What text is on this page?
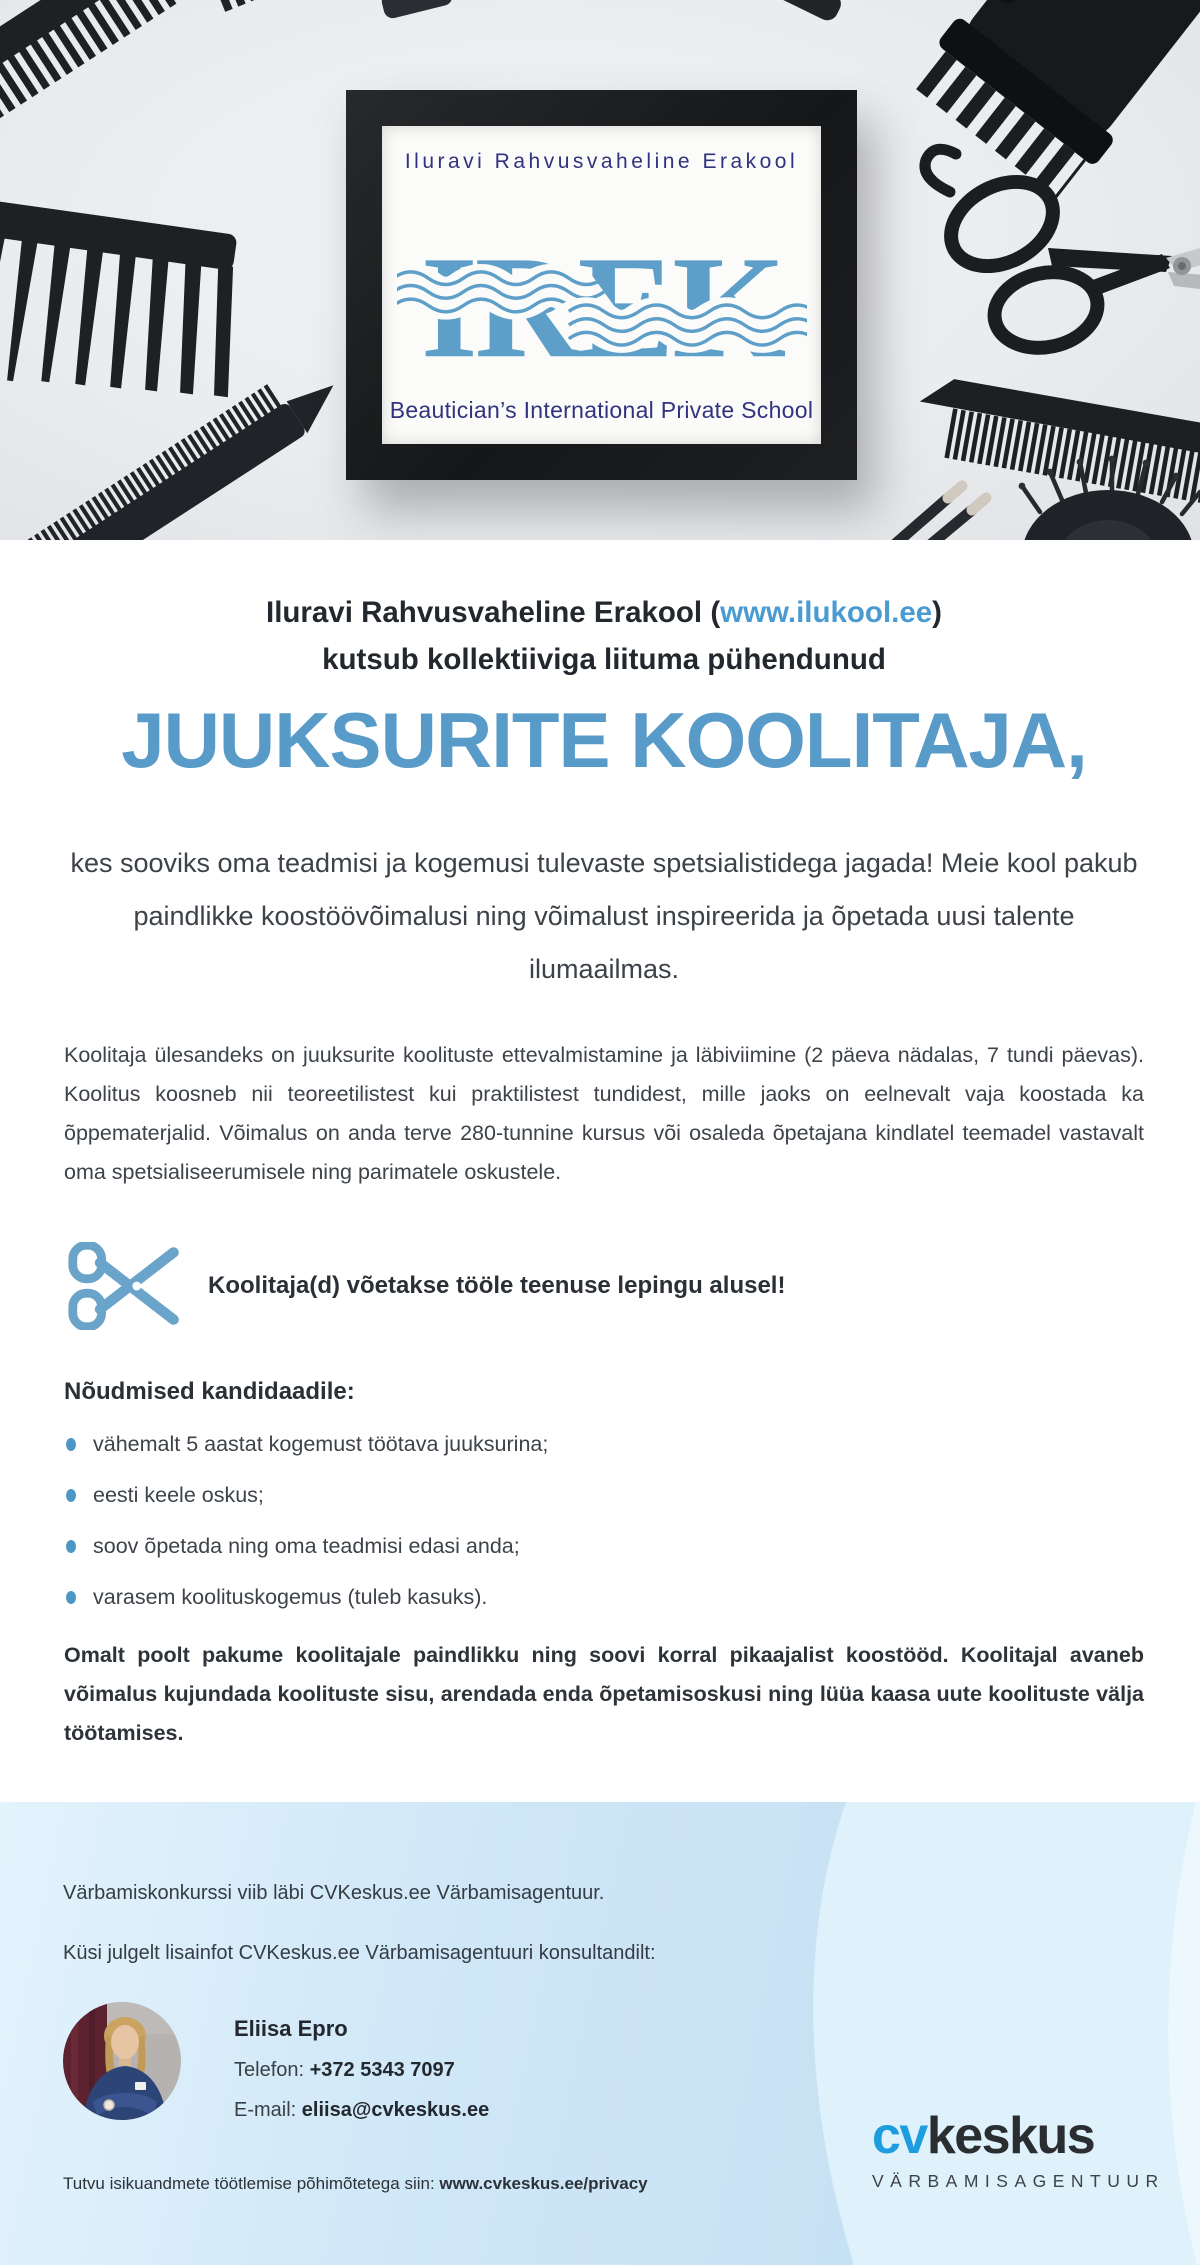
Iluravi Rahvusvaheline Erakool
IREK
Beautician’s International Private School
Iluravi Rahvusvaheline Erakool (www.ilukool.ee)
kutsub kollektiiviga liituma pühendunud
JUUKSURITE KOOLITAJA,

kes sooviks oma teadmisi ja kogemusi tulevaste spetsialistidega jagada! Meie kool pakub paindlikke koostöövõimalusi ning võimalust inspireerida ja õpetada uusi talente ilumaailmas.

Koolitaja ülesandeks on juuksurite koolituste ettevalmistamine ja läbiviimine (2 päeva nädalas, 7 tundi päevas). Koolitus koosneb nii teoreetilistest kui praktilistest tundidest, mille jaoks on eelnevalt vaja koostada ka õppematerjalid. Võimalus on anda terve 280-tunnine kursus või osaleda õpetajana kindlatel teemadel vastavalt oma spetsialiseerumisele ning parimatele oskustele.

Koolitaja(d) võetakse tööle teenuse lepingu alusel!
Nõudmised kandidaadile:
vähemalt 5 aastat kogemust töötava juuksurina;
eesti keele oskus;
soov õpetada ning oma teadmisi edasi anda;
varasem koolituskogemus (tuleb kasuks).

Omalt poolt pakume koolitajale paindlikku ning soovi korral pikaajalist koostööd. Koolitajal avaneb võimalus kujundada koolituste sisu, arendada enda õpetamisoskusi ning lüüa kaasa uute koolituste välja töötamises.

Värbamiskonkurssi viib läbi CVKeskus.ee Värbamisagentuur.
Küsi julgelt lisainfot CVKeskus.ee Värbamisagentuuri konsultandilt:
Eliisa Epro
Telefon: +372 5343 7097
E-mail: eliisa@cvkeskus.ee
Tutvu isikuandmete töötlemise põhimõtetega siin: www.cvkeskus.ee/privacy
cvkeskus
VÄRBAMISAGENTUUR
